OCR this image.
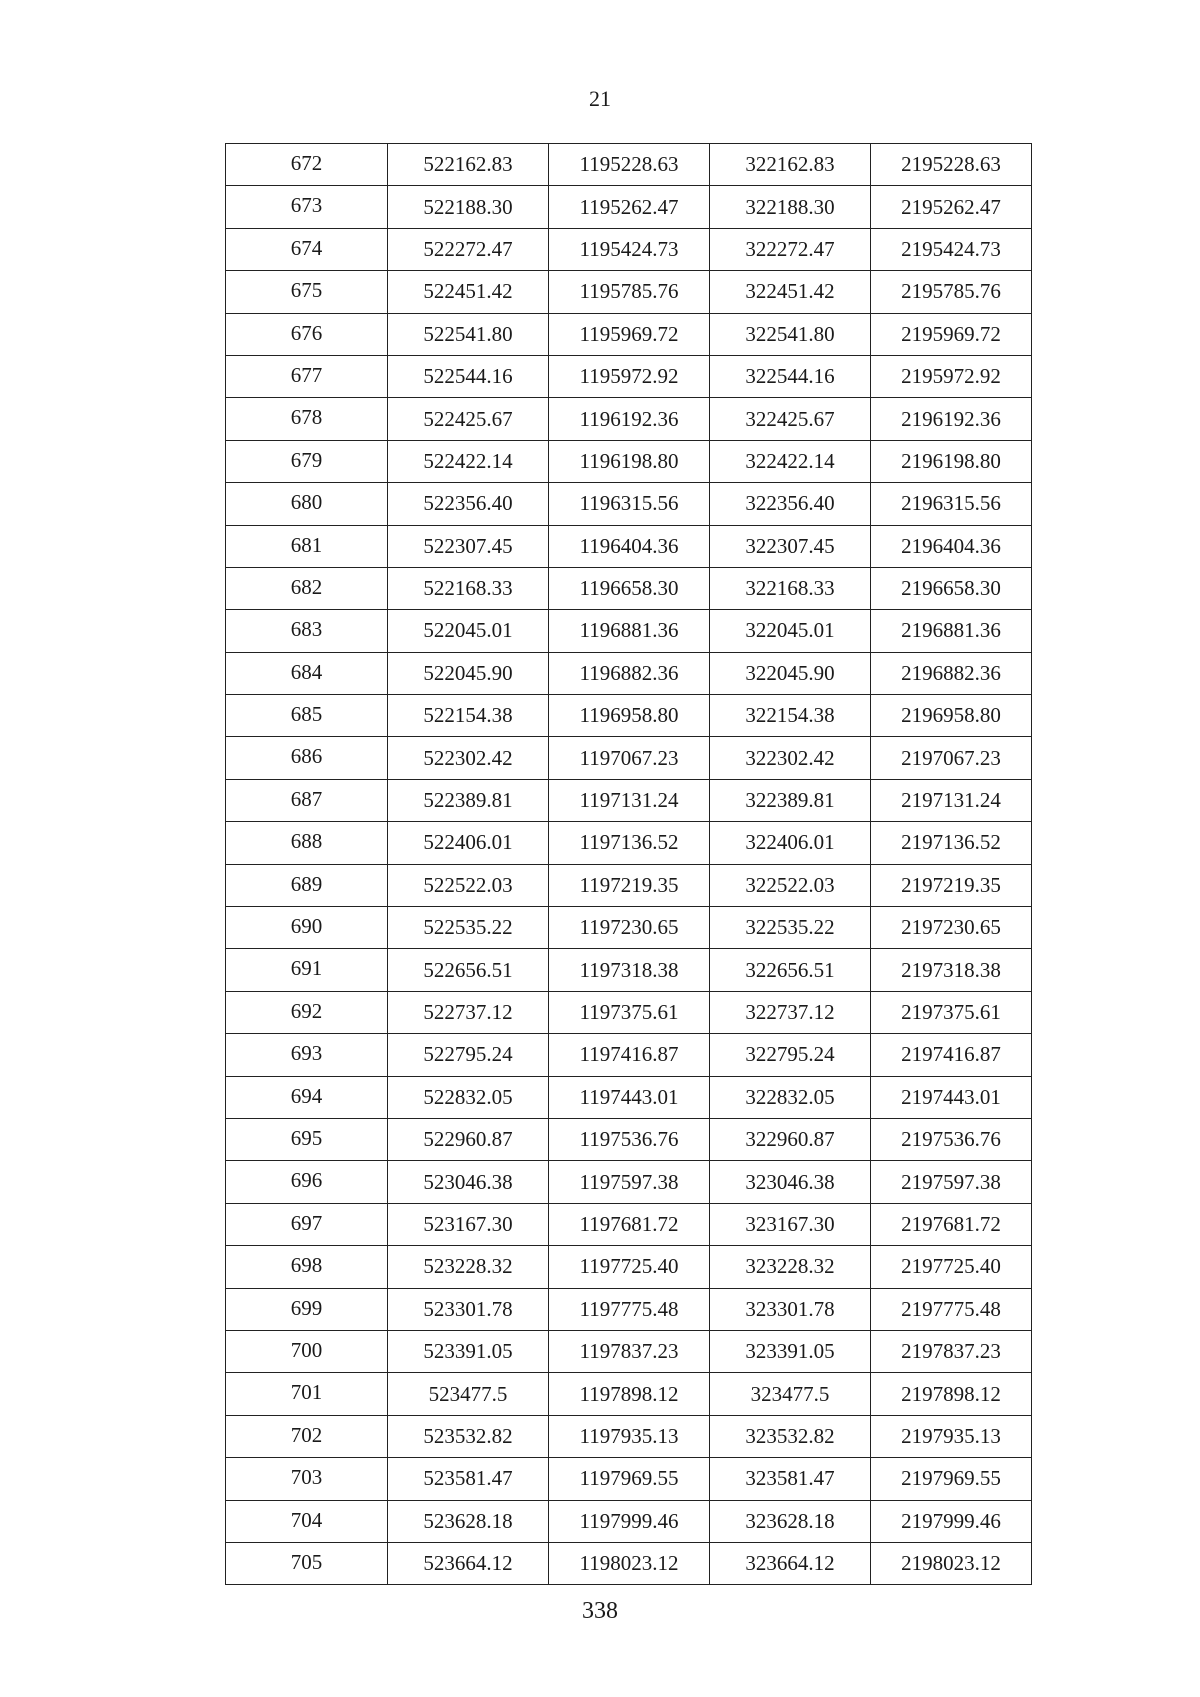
21
672	522162.83	1195228.63	322162.83	2195228.63
673	522188.30	1195262.47	322188.30	2195262.47
674	522272.47	1195424.73	322272.47	2195424.73
675	522451.42	1195785.76	322451.42	2195785.76
676	522541.80	1195969.72	322541.80	2195969.72
677	522544.16	1195972.92	322544.16	2195972.92
678	522425.67	1196192.36	322425.67	2196192.36
679	522422.14	1196198.80	322422.14	2196198.80
680	522356.40	1196315.56	322356.40	2196315.56
681	522307.45	1196404.36	322307.45	2196404.36
682	522168.33	1196658.30	322168.33	2196658.30
683	522045.01	1196881.36	322045.01	2196881.36
684	522045.90	1196882.36	322045.90	2196882.36
685	522154.38	1196958.80	322154.38	2196958.80
686	522302.42	1197067.23	322302.42	2197067.23
687	522389.81	1197131.24	322389.81	2197131.24
688	522406.01	1197136.52	322406.01	2197136.52
689	522522.03	1197219.35	322522.03	2197219.35
690	522535.22	1197230.65	322535.22	2197230.65
691	522656.51	1197318.38	322656.51	2197318.38
692	522737.12	1197375.61	322737.12	2197375.61
693	522795.24	1197416.87	322795.24	2197416.87
694	522832.05	1197443.01	322832.05	2197443.01
695	522960.87	1197536.76	322960.87	2197536.76
696	523046.38	1197597.38	323046.38	2197597.38
697	523167.30	1197681.72	323167.30	2197681.72
698	523228.32	1197725.40	323228.32	2197725.40
699	523301.78	1197775.48	323301.78	2197775.48
700	523391.05	1197837.23	323391.05	2197837.23
701	523477.5	1197898.12	323477.5	2197898.12
702	523532.82	1197935.13	323532.82	2197935.13
703	523581.47	1197969.55	323581.47	2197969.55
704	523628.18	1197999.46	323628.18	2197999.46
705	523664.12	1198023.12	323664.12	2198023.12
338
